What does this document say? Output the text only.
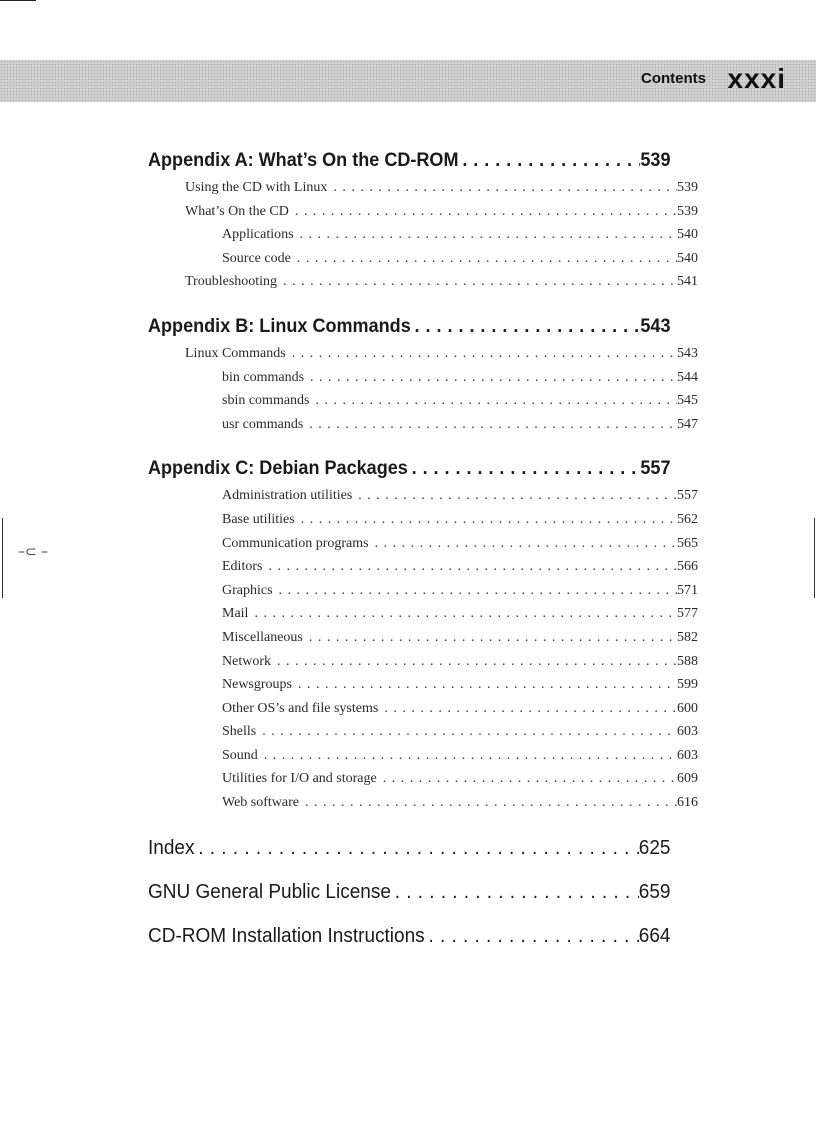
Contents xxxi
–⊂ –
Appendix A: What’s On the CD-ROM . . .	539
Using the CD with Linux . . .	539
What’s On the CD . . .	539
Applications . . .	540
Source code . . .	540
Troubleshooting . . .	541
Appendix B: Linux Commands . . .	543
Linux Commands . . .	543
bin commands . . .	544
sbin commands . . .	545
usr commands . . .	547
Appendix C: Debian Packages . . .	557
Administration utilities . . .	557
Base utilities . . .	562
Communication programs . . .	565
Editors . . .	566
Graphics . . .	571
Mail . . .	577
Miscellaneous . . .	582
Network . . .	588
Newsgroups . . .	599
Other OS’s and file systems . . .	600
Shells . . .	603
Sound . . .	603
Utilities for I/O and storage . . .	609
Web software . . .	616
Index . . .	625
GNU General Public License . . .	659
CD-ROM Installation Instructions . . .	664
